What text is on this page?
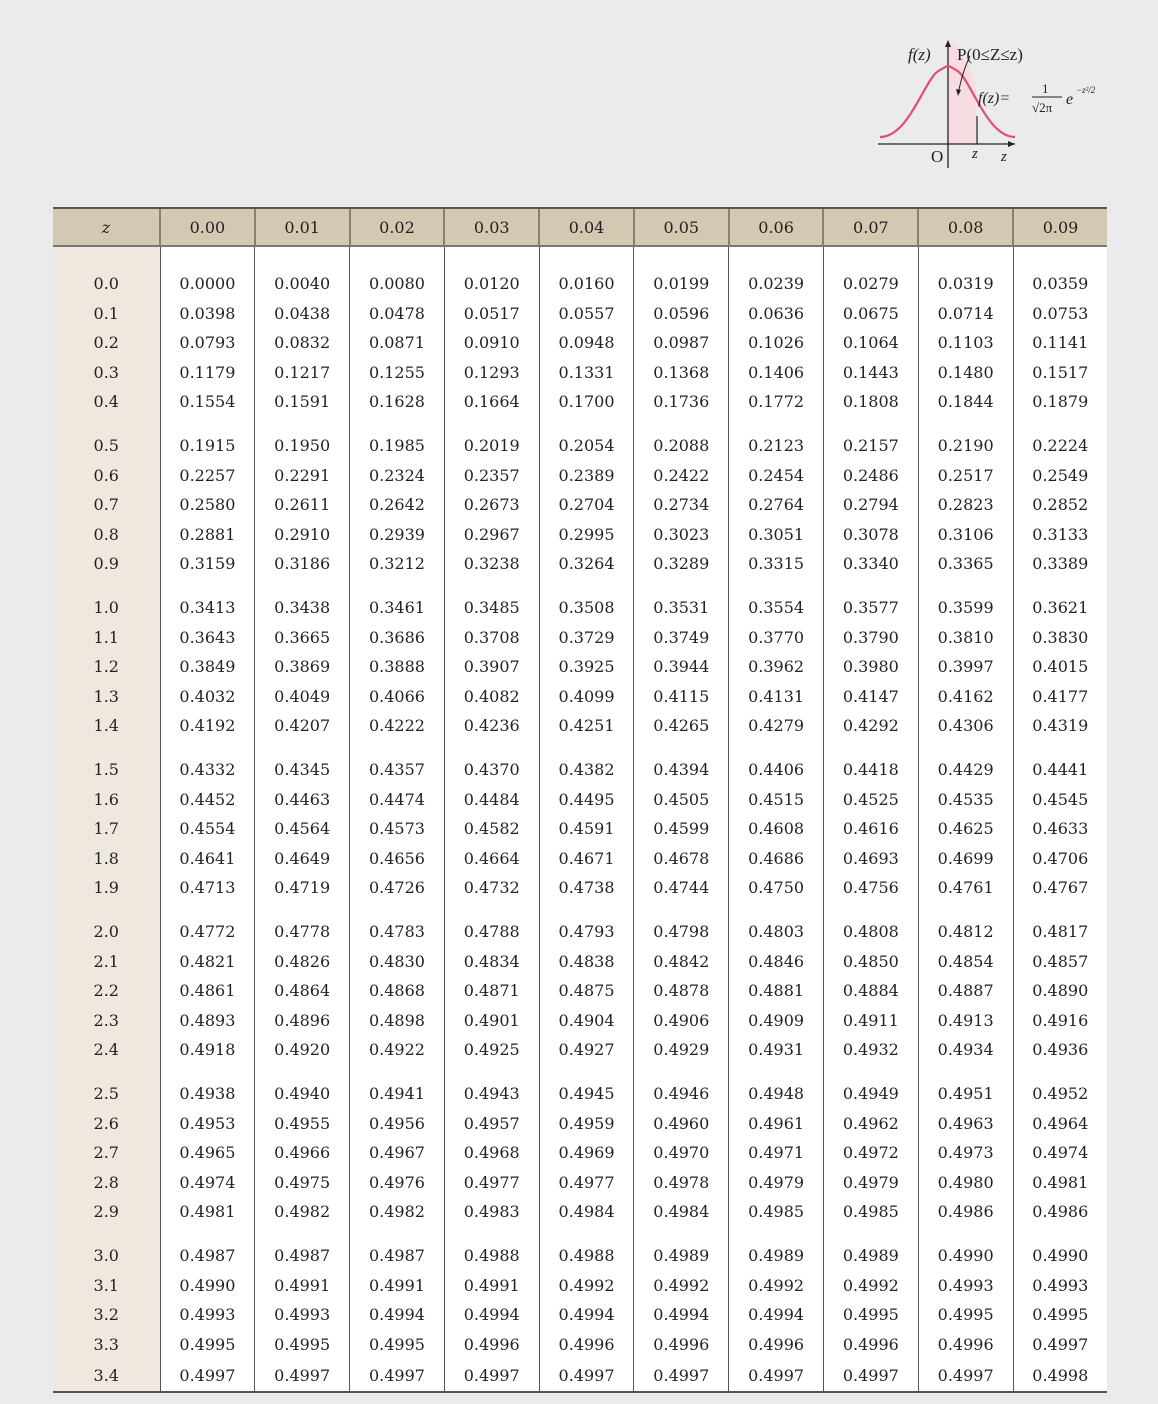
f(z) P(0≤Z≤z)
f(z)=
1
√2π e
−z²/2
O z z
z	0.00	0.01	0.02	0.03	0.04	0.05	0.06	0.07	0.08	0.09

0.0	0.0000	0.0040	0.0080	0.0120	0.0160	0.0199	0.0239	0.0279	0.0319	0.0359
0.1	0.0398	0.0438	0.0478	0.0517	0.0557	0.0596	0.0636	0.0675	0.0714	0.0753
0.2	0.0793	0.0832	0.0871	0.0910	0.0948	0.0987	0.1026	0.1064	0.1103	0.1141
0.3	0.1179	0.1217	0.1255	0.1293	0.1331	0.1368	0.1406	0.1443	0.1480	0.1517
0.4	0.1554	0.1591	0.1628	0.1664	0.1700	0.1736	0.1772	0.1808	0.1844	0.1879

0.5	0.1915	0.1950	0.1985	0.2019	0.2054	0.2088	0.2123	0.2157	0.2190	0.2224
0.6	0.2257	0.2291	0.2324	0.2357	0.2389	0.2422	0.2454	0.2486	0.2517	0.2549
0.7	0.2580	0.2611	0.2642	0.2673	0.2704	0.2734	0.2764	0.2794	0.2823	0.2852
0.8	0.2881	0.2910	0.2939	0.2967	0.2995	0.3023	0.3051	0.3078	0.3106	0.3133
0.9	0.3159	0.3186	0.3212	0.3238	0.3264	0.3289	0.3315	0.3340	0.3365	0.3389

1.0	0.3413	0.3438	0.3461	0.3485	0.3508	0.3531	0.3554	0.3577	0.3599	0.3621
1.1	0.3643	0.3665	0.3686	0.3708	0.3729	0.3749	0.3770	0.3790	0.3810	0.3830
1.2	0.3849	0.3869	0.3888	0.3907	0.3925	0.3944	0.3962	0.3980	0.3997	0.4015
1.3	0.4032	0.4049	0.4066	0.4082	0.4099	0.4115	0.4131	0.4147	0.4162	0.4177
1.4	0.4192	0.4207	0.4222	0.4236	0.4251	0.4265	0.4279	0.4292	0.4306	0.4319

1.5	0.4332	0.4345	0.4357	0.4370	0.4382	0.4394	0.4406	0.4418	0.4429	0.4441
1.6	0.4452	0.4463	0.4474	0.4484	0.4495	0.4505	0.4515	0.4525	0.4535	0.4545
1.7	0.4554	0.4564	0.4573	0.4582	0.4591	0.4599	0.4608	0.4616	0.4625	0.4633
1.8	0.4641	0.4649	0.4656	0.4664	0.4671	0.4678	0.4686	0.4693	0.4699	0.4706
1.9	0.4713	0.4719	0.4726	0.4732	0.4738	0.4744	0.4750	0.4756	0.4761	0.4767

2.0	0.4772	0.4778	0.4783	0.4788	0.4793	0.4798	0.4803	0.4808	0.4812	0.4817
2.1	0.4821	0.4826	0.4830	0.4834	0.4838	0.4842	0.4846	0.4850	0.4854	0.4857
2.2	0.4861	0.4864	0.4868	0.4871	0.4875	0.4878	0.4881	0.4884	0.4887	0.4890
2.3	0.4893	0.4896	0.4898	0.4901	0.4904	0.4906	0.4909	0.4911	0.4913	0.4916
2.4	0.4918	0.4920	0.4922	0.4925	0.4927	0.4929	0.4931	0.4932	0.4934	0.4936

2.5	0.4938	0.4940	0.4941	0.4943	0.4945	0.4946	0.4948	0.4949	0.4951	0.4952
2.6	0.4953	0.4955	0.4956	0.4957	0.4959	0.4960	0.4961	0.4962	0.4963	0.4964
2.7	0.4965	0.4966	0.4967	0.4968	0.4969	0.4970	0.4971	0.4972	0.4973	0.4974
2.8	0.4974	0.4975	0.4976	0.4977	0.4977	0.4978	0.4979	0.4979	0.4980	0.4981
2.9	0.4981	0.4982	0.4982	0.4983	0.4984	0.4984	0.4985	0.4985	0.4986	0.4986

3.0	0.4987	0.4987	0.4987	0.4988	0.4988	0.4989	0.4989	0.4989	0.4990	0.4990
3.1	0.4990	0.4991	0.4991	0.4991	0.4992	0.4992	0.4992	0.4992	0.4993	0.4993
3.2	0.4993	0.4993	0.4994	0.4994	0.4994	0.4994	0.4994	0.4995	0.4995	0.4995
3.3	0.4995	0.4995	0.4995	0.4996	0.4996	0.4996	0.4996	0.4996	0.4996	0.4997
3.4	0.4997	0.4997	0.4997	0.4997	0.4997	0.4997	0.4997	0.4997	0.4997	0.4998
